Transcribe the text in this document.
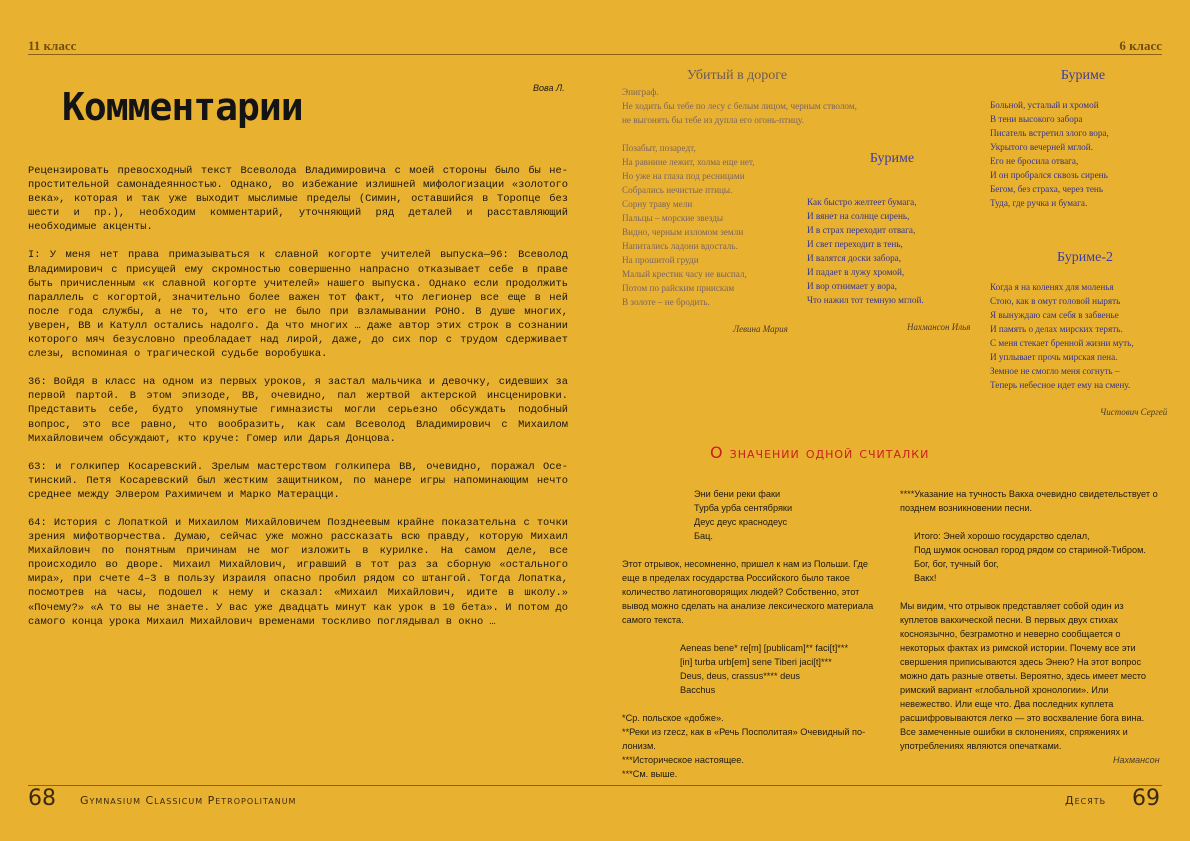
11 класс	6 класс
Вова Л.
Комментарии

Рецензировать превосходный текст Всеволода Владимировича с моей стороны было бы непростительной самонадеянностью. Однако, во избежание излишней мифологизации «золотого века», которая и так уже выходит мыслимые пределы (Симин, оставшийся в Торопце без шести и пр.), необходим комментарий, уточняющий ряд деталей и расставляющий необходимые акценты.

I: У меня нет права примазываться к славной когорте учителей выпуска—96: Всеволод Владимирович с присущей ему скромностью совершенно напрасно отказывает себе в праве быть причисленным «к славной когорте учителей» нашего выпуска. Однако если продолжить параллель с когортой, значительно более важен тот факт, что легионер все еще в ней после года службы, а не то, что его не было при взламывании РОНО. В душе многих, уверен, ВВ и Катулл остались надолго. Да что многих … даже автор этих строк в сознании которого мяч безусловно преобладает над лирой, даже, до сих пор с трудом сдерживает слезы, вспоминая о трагической судьбе воробушка.

36: Войдя в класс на одном из первых уроков, я застал мальчика и девочку, сидевших за первой партой. В этом эпизоде, ВВ, очевидно, пал жертвой актерской инсценировки. Представить себе, будто упомянутые гимназисты могли серьезно обсуждать подобный вопрос, это все равно, что вообразить, как сам Всеволод Владимирович с Михаилом Михайловичем обсуждают, кто круче: Гомер или Дарья Донцова.

63: и голкипер Косаревский. Зрелым мастерством голкипера ВВ, очевидно, поражал Осетинский. Петя Косаревский был жестким защитником, по манере игры напоминающим нечто среднее между Элвером Рахимичем и Марко Матерацци.

64: История с Лопаткой и Михаилом Михайловичем Позднеевым крайне показательна с точки зрения мифотворчества. Думаю, сейчас уже можно рассказать всю правду, которую Михаил Михайлович по понятным причинам не мог изложить в курилке. На самом деле, все происходило во дворе. Михаил Михайлович, игравший в тот раз за сборную «остального мира», при счете 4–3 в пользу Израиля опасно пробил рядом со штангой. Тогда Лопатка, посмотрев на часы, подошел к нему и сказал: «Михаил Михайлович, идите в школу.» «Почему?» «А то вы не знаете. У вас уже двадцать минут как урок в 10 бета». И потом до самого конца урока Михаил Михайлович временами тоскливо поглядывал в окно …

Убитый в дороге
Эпиграф.
Не ходить бы тебе по лесу с белым лицом, черным стволом,
не выгонять бы тебе из дупла его огонь-птицу.
Позабыт, позаредт,
На равнине лежит, холма еще нет,
Но уже на глаза под ресницами
Собрались нечистые птицы.
Сорну траву мели
Пальцы – морские звезды
Видно, черным изломом земли
Напитались ладони вдосталь.
На прошитой груди
Малый крестик часу не выспал,
Потом по райским приискам
В золоте – не бродить.
Левина Мария
Буриме
Как быстро желтеет бумага,
И вянет на солнце сирень,
И в страх переходит отвага,
И свет переходит в тень,
И валятся доски забора,
И падает в лужу хромой,
И вор отнимает у вора,
Что нажил тот темную мглой.
Нахмансон Илья
Буриме
Больной, усталый и хромой
В тени высокого забора
Писатель встретил злого вора,
Укрытого вечерней мглой.
Его не бросила отвага,
И он пробрался сквозь сирень
Бегом, без страха, через тень
Туда, где ручка и бумага.
Буриме-2
Когда я на коленях для моленья
Стою, как в омут головой нырять
Я вынуждаю сам себя в забвенье
И память о делах мирских терять.
С меня стекает бренной жизни муть,
И уплывает прочь мирская пена.
Земное не смогло меня согнуть –
Теперь небесное идет ему на смену.
Чистович Сергей
О значении одной считалки
Эни бени реки факи
Турба урба сентябряки
Деус деус краснодеус
Бац.

Этот отрывок, несомненно, пришел к нам из Польши. Где еще в пределах государства Российского было такое количество латиноговорящих людей? Собственно, этот вывод можно сделать на анализе лексического материала самого текста.

Aeneas bene* re[m] [publicam]** faci[t]***
[in] turba urb[em] sene Tiberi jaci[t]***
Deus, deus, crassus**** deus
Bacchus
*Ср. польское «добже».
**Реки из rzecz, как в «Речь Посполитая» Очевидный полонизм.
***Историческое настоящее.
***См. выше.

****Указание на тучность Вакха очевидно свидетельствует о позднем возникновении песни.

Итого: Эней хорошо государство сделал,
Под шумок основал город рядом со стариной-Тибром.
Бог, бог, тучный бог,
Вакх!
Мы видим, что отрывок представляет собой один из куплетов вакхической песни. В первых двух стихах косноязычно, безграмотно и неверно сообщается о некоторых фактах из римской истории. Почему все эти свершения приписываются здесь Энею? На этот вопрос можно дать разные ответы. Вероятно, здесь имеет место римский вариант «глобальной хронологии». Или невежество. Или еще что. Два последних куплета расшифровываются легко — это восхваление бога вина.
Все замеченные ошибки в склонениях, спряжениях и употреблениях являются опечатками.
Нахмансон
68 Gymnasium Classicum Petropolitanum	Десять 69
